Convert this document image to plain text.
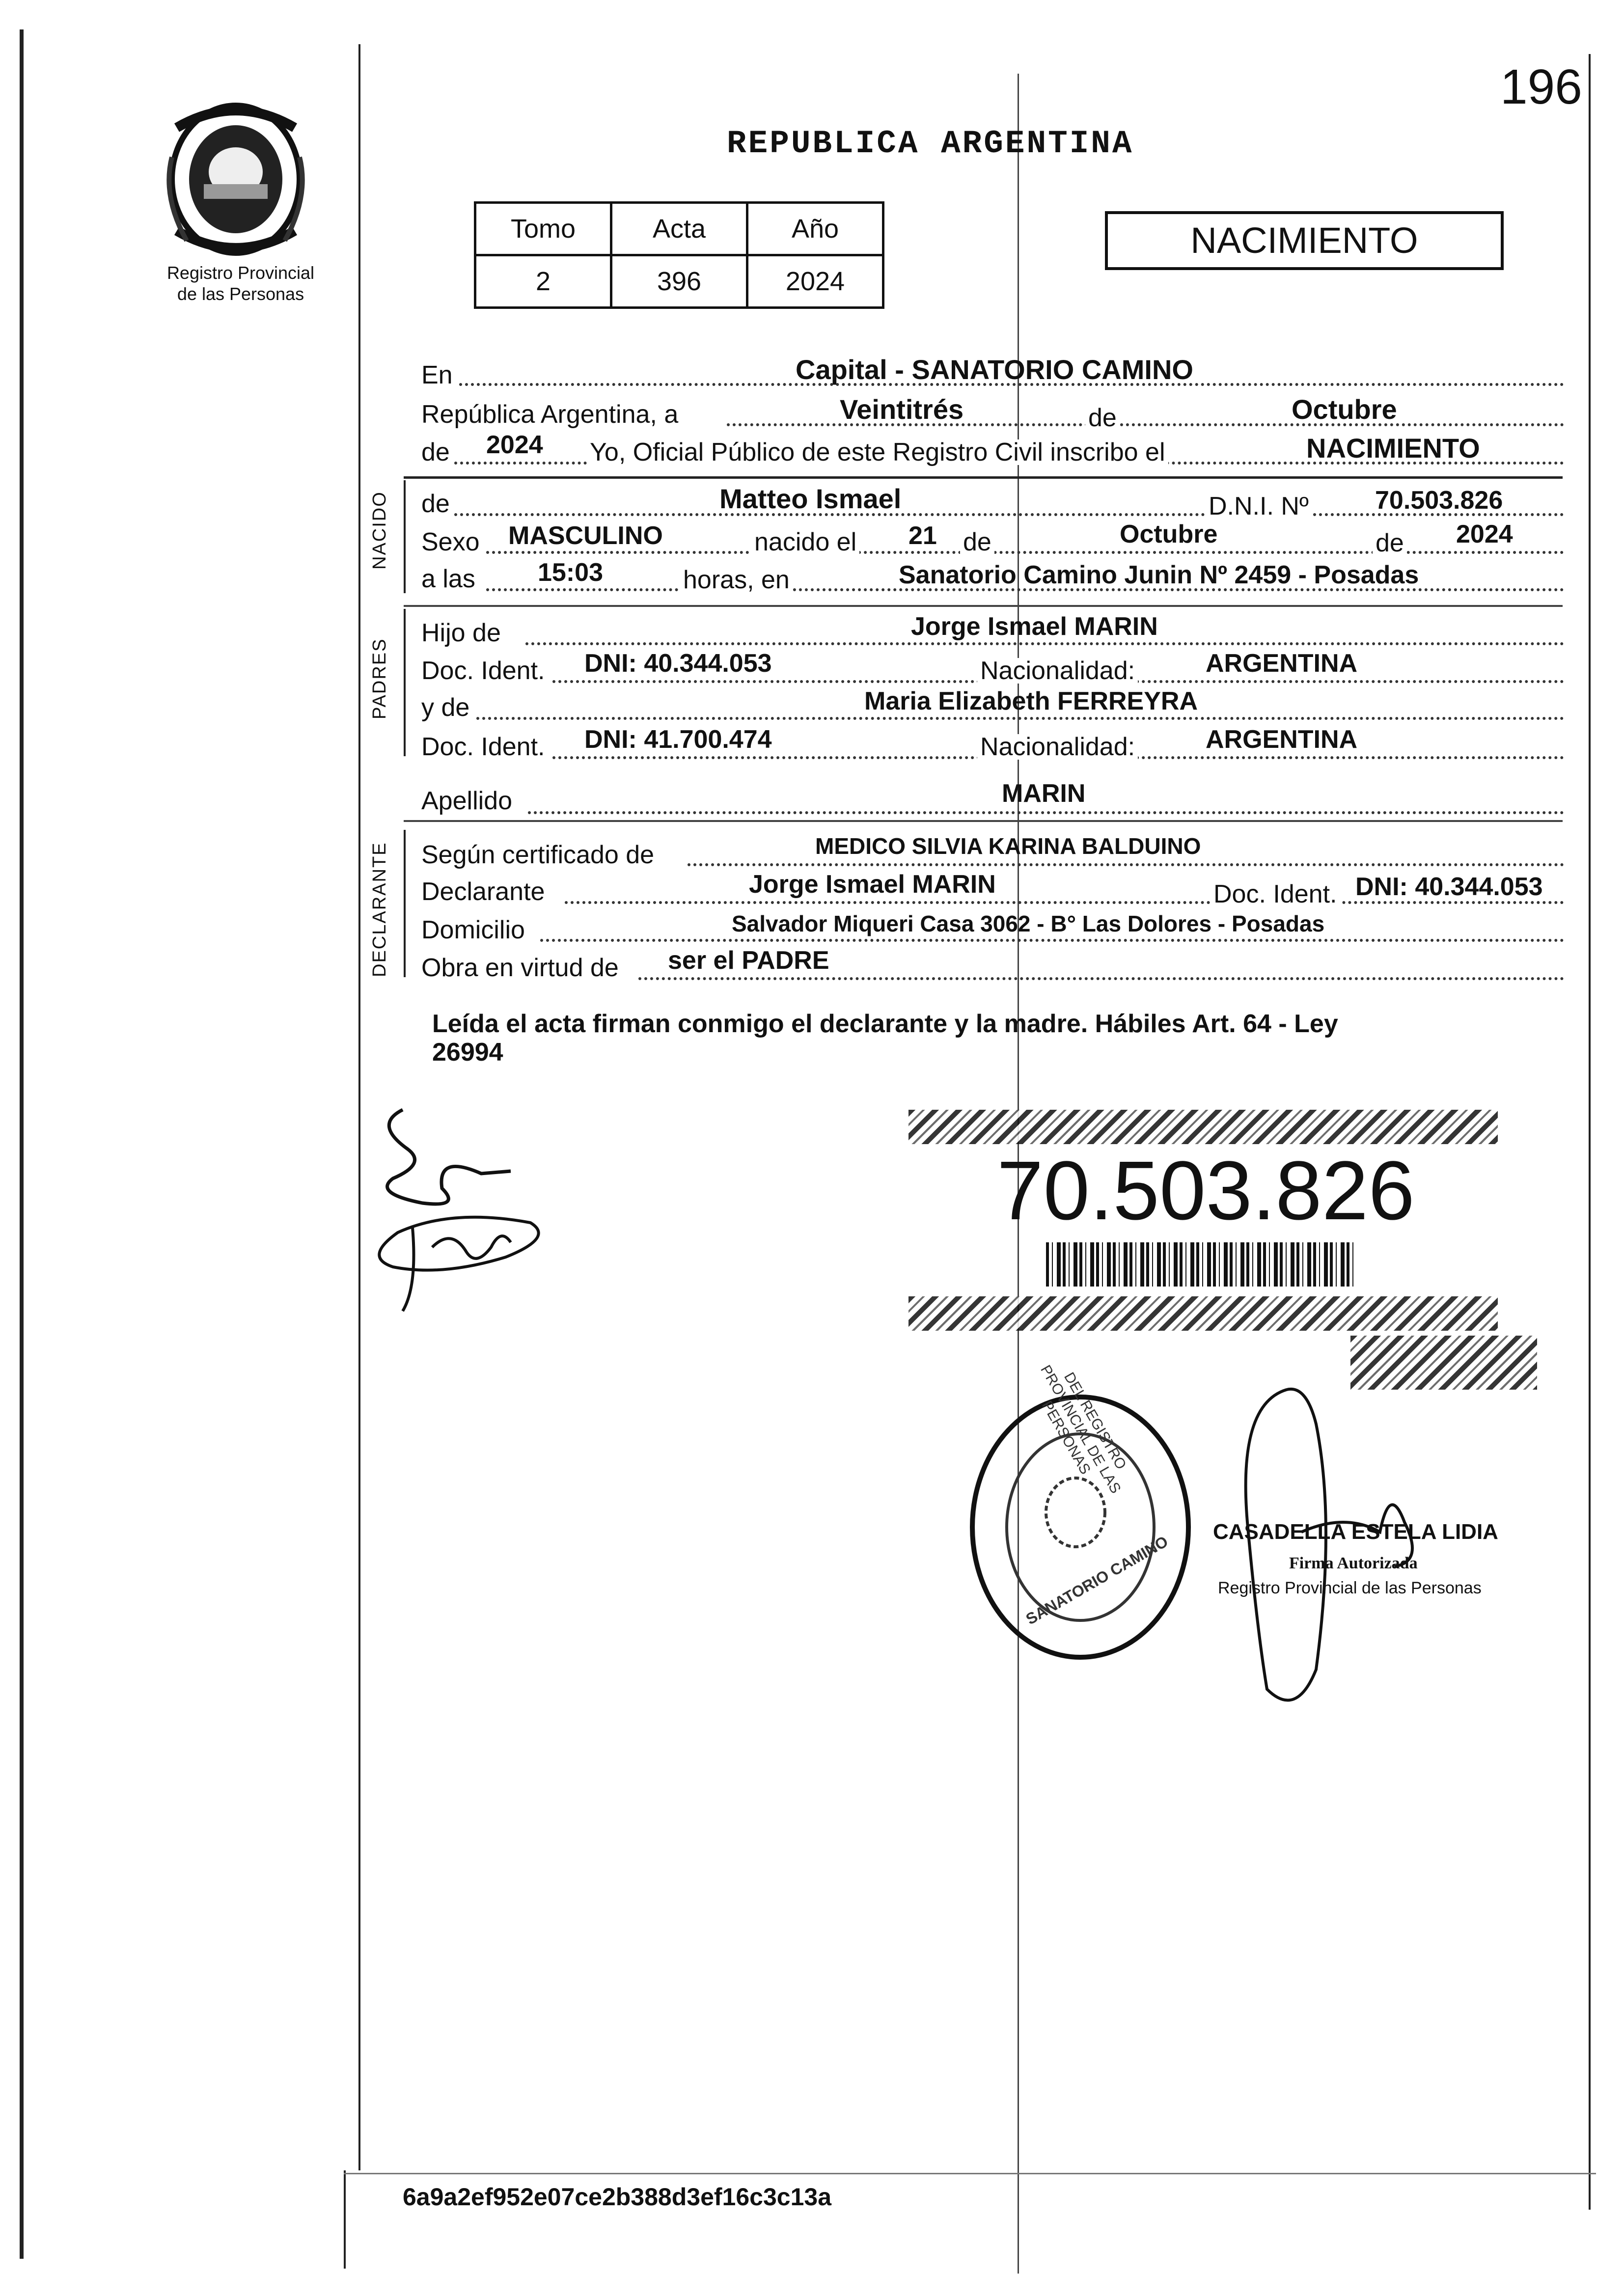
196
Registro Provincial
de las Personas
REPUBLICA ARGENTINA
Tomo	Acta	Año
2	396	2024
NACIMIENTO
En	Capital - SANATORIO CAMINO
República Argentina, a	Veintitrés	de	Octubre
de 2024 Yo, Oficial Público de este Registro Civil inscribo el	NACIMIENTO
NACIDO de	Matteo Ismael	D.N.I. Nº	70.503.826
Sexo MASCULINO	nacido el 21 de	Octubre	de 2024
a las 15:03	horas, en	Sanatorio Camino Junin Nº 2459 - Posadas
PADRES
Hijo de	Jorge Ismael MARIN
Doc. Ident. DNI: 40.344.053	Nacionalidad:	ARGENTINA
y de	Maria Elizabeth FERREYRA
Doc. Ident. DNI: 41.700.474	Nacionalidad:	ARGENTINA
Apellido	MARIN
DECLARANTE Según certificado de	MEDICO SILVIA KARINA BALDUINO
Declarante	Jorge Ismael MARIN	Doc. Ident. DNI: 40.344.053
Domicilio	Salvador Miqueri Casa 3062 - B° Las Dolores - Posadas
Obra en virtud de ser el PADRE
Leída el acta firman conmigo el declarante y la madre. Hábiles Art. 64 - Ley
26994
70.503.826
DEL REGISTRO PROVINCIAL DE LAS PERSONAS
SANATORIO CAMINO
CASADELLA ESTELA LIDIA
Firma Autorizada
Registro Provincial de las Personas
6a9a2ef952e07ce2b388d3ef16c3c13a
